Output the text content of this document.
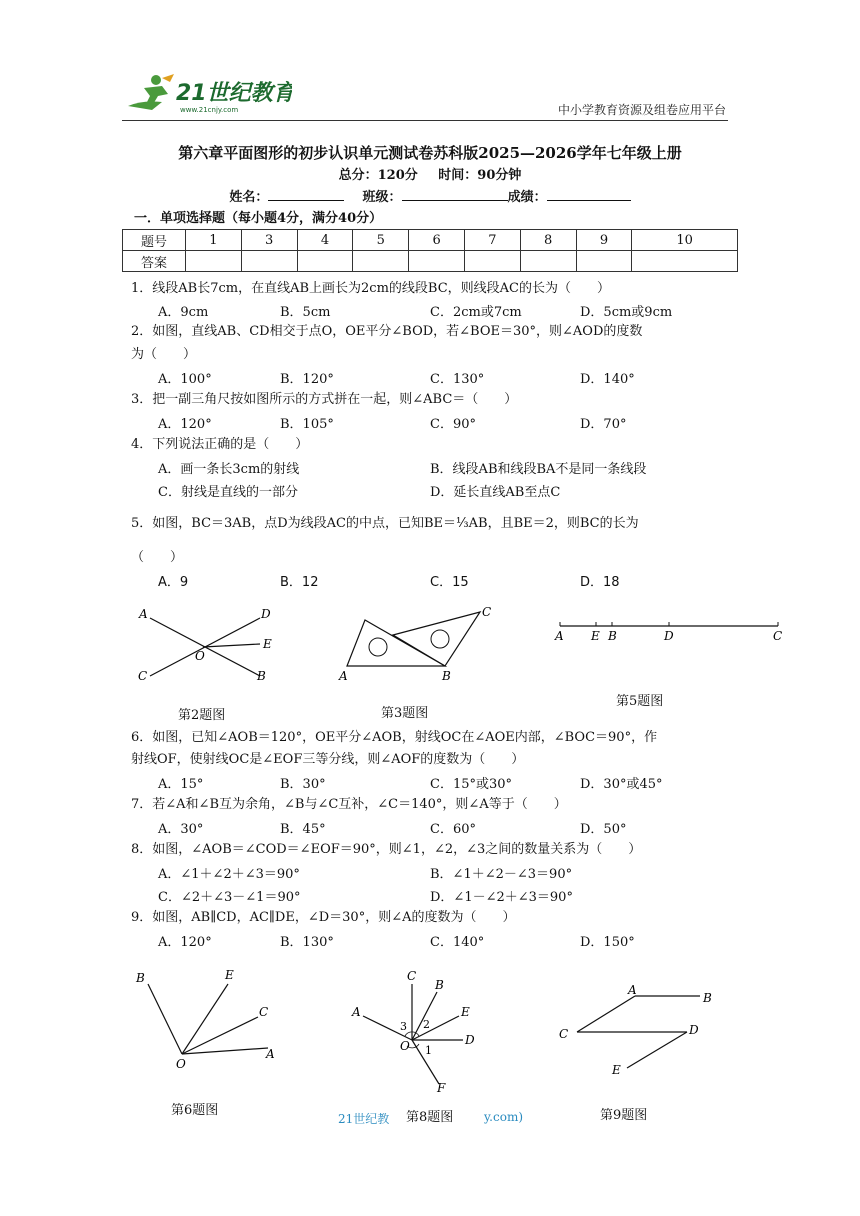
21世纪教育
www.21cnjy.com	中小学教育资源及组卷应用平台
第六章平面图形的初步认识单元测试卷苏科版2025—2026学年七年级上册
总分：120分 时间：90分钟
姓名：	班级：	成绩：
一．单项选择题（每小题4分，满分40分）
题号	1	3	4	5	6	7	8	9	10
答案									
1．线段AB长7cm，在直线AB上画长为2cm的线段BC，则线段AC的长为（　　）
A．9cm	B．5cm	C．2cm或7cm	D．5cm或9cm
2．如图，直线AB、CD相交于点O，OE平分∠BOD，若∠BOE＝30°，则∠AOD的度数
为（　　）
A．100°	B．120°	C．130°	D．140°
3．把一副三角尺按如图所示的方式拼在一起，则∠ABC＝（　　）
A．120°	B．105°	C．90°	D．70°
4．下列说法正确的是（　　）
A．画一条长3cm的射线	B．线段AB和线段BA不是同一条线段
C．射线是直线的一部分	D．延长直线AB至点C
5．如图，BC＝3AB，点D为线段AC的中点，已知BE＝⅓AB，且BE＝2，则BC的长为
（　　）
A．9	B．12	C．15	D．18
A	D
E
O
C	B
第2题图
C
A	B
第3题图
A E B	D	C
第5题图
6．如图，已知∠AOB＝120°，OE平分∠AOB，射线OC在∠AOE内部，∠BOC＝90°，作
射线OF，使射线OC是∠EOF三等分线，则∠AOF的度数为（　　）
A．15°	B．30°	C．15°或30°	D．30°或45°
7．若∠A和∠B互为余角，∠B与∠C互补，∠C＝140°，则∠A等于（　　）
A．30°	B．45°	C．60°	D．50°
8．如图，∠AOB＝∠COD＝∠EOF＝90°，则∠1，∠2，∠3之间的数量关系为（　　）
A．∠1＋∠2＋∠3＝90°	B．∠1＋∠2－∠3＝90°
C．∠2＋∠3－∠1＝90°	D．∠1－∠2＋∠3＝90°
9．如图，AB∥CD，AC∥DE，∠D＝30°，则∠A的度数为（　　）
A．120°	B．130°	C．140°	D．150°
B	E
C
O
A
第6题图
C
B
A	E
D
O
F
3 2
1
第8题图
A
B
C	D
E
第9题图
21世纪教	y.com)
